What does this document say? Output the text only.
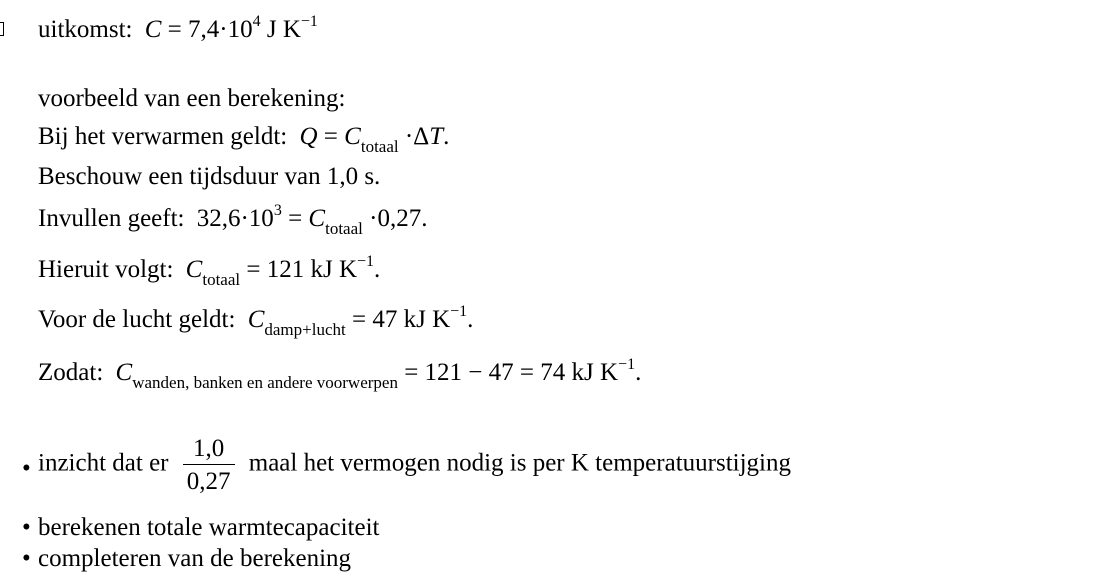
uitkomst: $C = 7,4\cdot 10^4$ J $K^{-1}$
voorbeeld van een berekening:
Bij het verwarmen geldt: $Q = C_{totaal} \cdot\Delta T$.
Beschouw een tijdsduur van 1,0 s.
Invullen geeft: $32,6\cdot 10^3 = C_{totaal} \cdot 0,27$.
Hieruit volgt: $C_{totaal} = 121$ kJ $K^{-1}$.
Voor de lucht geldt: $C_{damp+lucht} = 47$ kJ $K^{-1}$.
Zodat: $C_{wanden, banken en andere voorwerpen} = 121 - 47 = 74$ kJ $K^{-1}$.
• inzicht dat er $\frac{1,0}{0,27}$ maal het vermogen nodig is per K temperatuurstijging
• berekenen totale warmtecapaciteit
• completeren van de berekening
